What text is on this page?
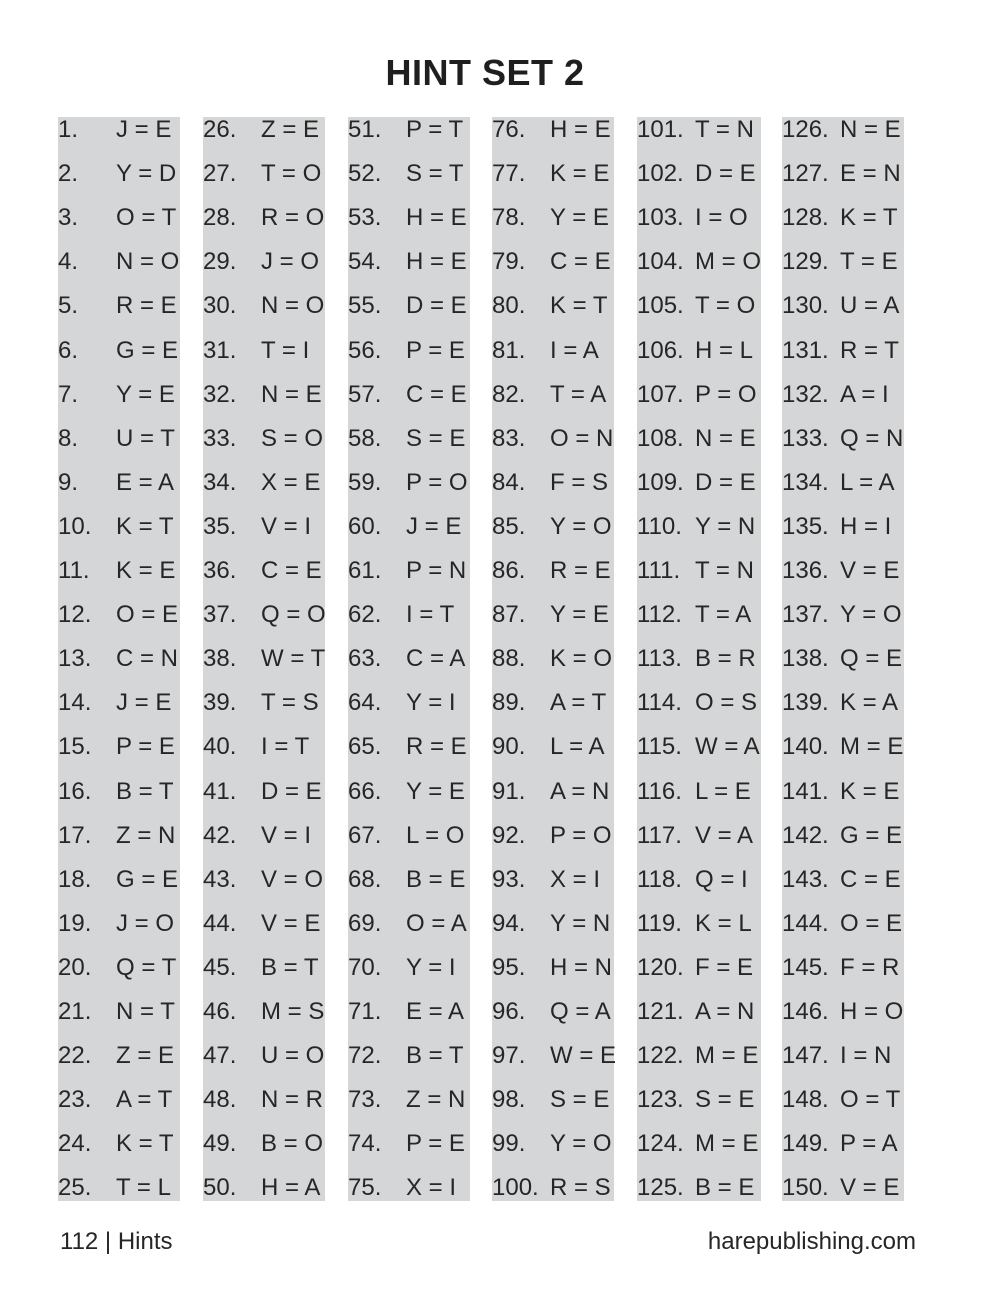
HINT SET 2
1. J = E
2. Y = D
3. O = T
4. N = O
5. R = E
6. G = E
7. Y = E
8. U = T
9. E = A
10. K = T
11. K = E
12. O = E
13. C = N
14. J = E
15. P = E
16. B = T
17. Z = N
18. G = E
19. J = O
20. Q = T
21. N = T
22. Z = E
23. A = T
24. K = T
25. T = L
26. Z = E
27. T = O
28. R = O
29. J = O
30. N = O
31. T = I
32. N = E
33. S = O
34. X = E
35. V = I
36. C = E
37. Q = O
38. W = T
39. T = S
40. I = T
41. D = E
42. V = I
43. V = O
44. V = E
45. B = T
46. M = S
47. U = O
48. N = R
49. B = O
50. H = A
51. P = T
52. S = T
53. H = E
54. H = E
55. D = E
56. P = E
57. C = E
58. S = E
59. P = O
60. J = E
61. P = N
62. I = T
63. C = A
64. Y = I
65. R = E
66. Y = E
67. L = O
68. B = E
69. O = A
70. Y = I
71. E = A
72. B = T
73. Z = N
74. P = E
75. X = I
76. H = E
77. K = E
78. Y = E
79. C = E
80. K = T
81. I = A
82. T = A
83. O = N
84. F = S
85. Y = O
86. R = E
87. Y = E
88. K = O
89. A = T
90. L = A
91. A = N
92. P = O
93. X = I
94. Y = N
95. H = N
96. Q = A
97. W = E
98. S = E
99. Y = O
100. R = S
101. T = N
102. D = E
103. I = O
104. M = O
105. T = O
106. H = L
107. P = O
108. N = E
109. D = E
110. Y = N
111. T = N
112. T = A
113. B = R
114. O = S
115. W = A
116. L = E
117. V = A
118. Q = I
119. K = L
120. F = E
121. A = N
122. M = E
123. S = E
124. M = E
125. B = E
126. N = E
127. E = N
128. K = T
129. T = E
130. U = A
131. R = T
132. A = I
133. Q = N
134. L = A
135. H = I
136. V = E
137. Y = O
138. Q = E
139. K = A
140. M = E
141. K = E
142. G = E
143. C = E
144. O = E
145. F = R
146. H = O
147. I = N
148. O = T
149. P = A
150. V = E
112 | Hints	harepublishing.com
